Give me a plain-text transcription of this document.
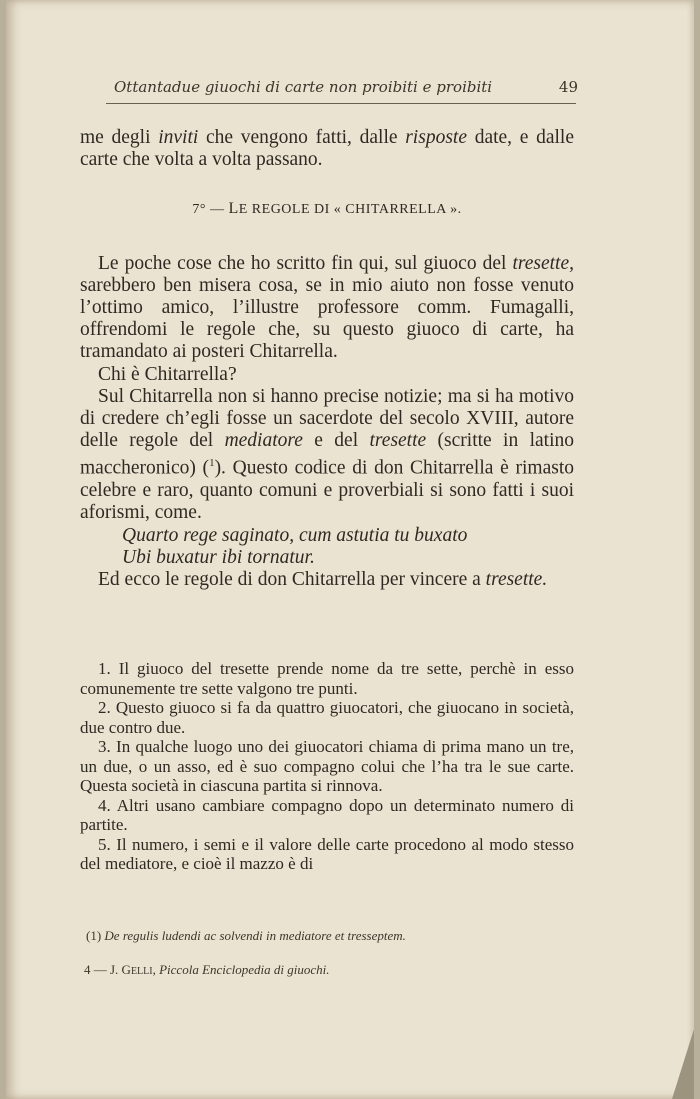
Ottantadue giuochi di carte non proibiti e proibiti	49

me degli inviti che vengono fatti, dalle risposte date, e dalle carte che volta a volta passano.

7° — LE REGOLE DI « CHITARRELLA ».

Le poche cose che ho scritto fin qui, sul giuoco del tresette, sarebbero ben misera cosa, se in mio aiuto non fosse venuto l’ottimo amico, l’illustre professore comm. Fumagalli, offrendomi le regole che, su questo giuoco di carte, ha tramandato ai posteri Chitarrella.

Chi è Chitarrella?

Sul Chitarrella non si hanno precise notizie; ma si ha motivo di credere ch’egli fosse un sacerdote del secolo XVIII, autore delle regole del mediatore e del tresette (scritte in latino maccheronico) ($^1$). Questo codice di don Chitarrella è rimasto celebre e raro, quanto comuni e proverbiali si sono fatti i suoi aforismi, come.

Quarto rege saginato, cum astutia tu buxato

Ubi buxatur ibi tornatur.

Ed ecco le regole di don Chitarrella per vincere a tresette.

1. Il giuoco del tresette prende nome da tre sette, perchè in esso comunemente tre sette valgono tre punti.

2. Questo giuoco si fa da quattro giuocatori, che giuocano in società, due contro due.

3. In qualche luogo uno dei giuocatori chiama di prima mano un tre, un due, o un asso, ed è suo compagno colui che l’ha tra le sue carte. Questa società in ciascuna partita si rinnova.

4. Altri usano cambiare compagno dopo un determinato numero di partite.

5. Il numero, i semi e il valore delle carte procedono al modo stesso del mediatore, e cioè il mazzo è di

(1) De regulis ludendi ac solvendi in mediatore et tresseptem.
4 — J. GELLI, Piccola Enciclopedia di giuochi.
